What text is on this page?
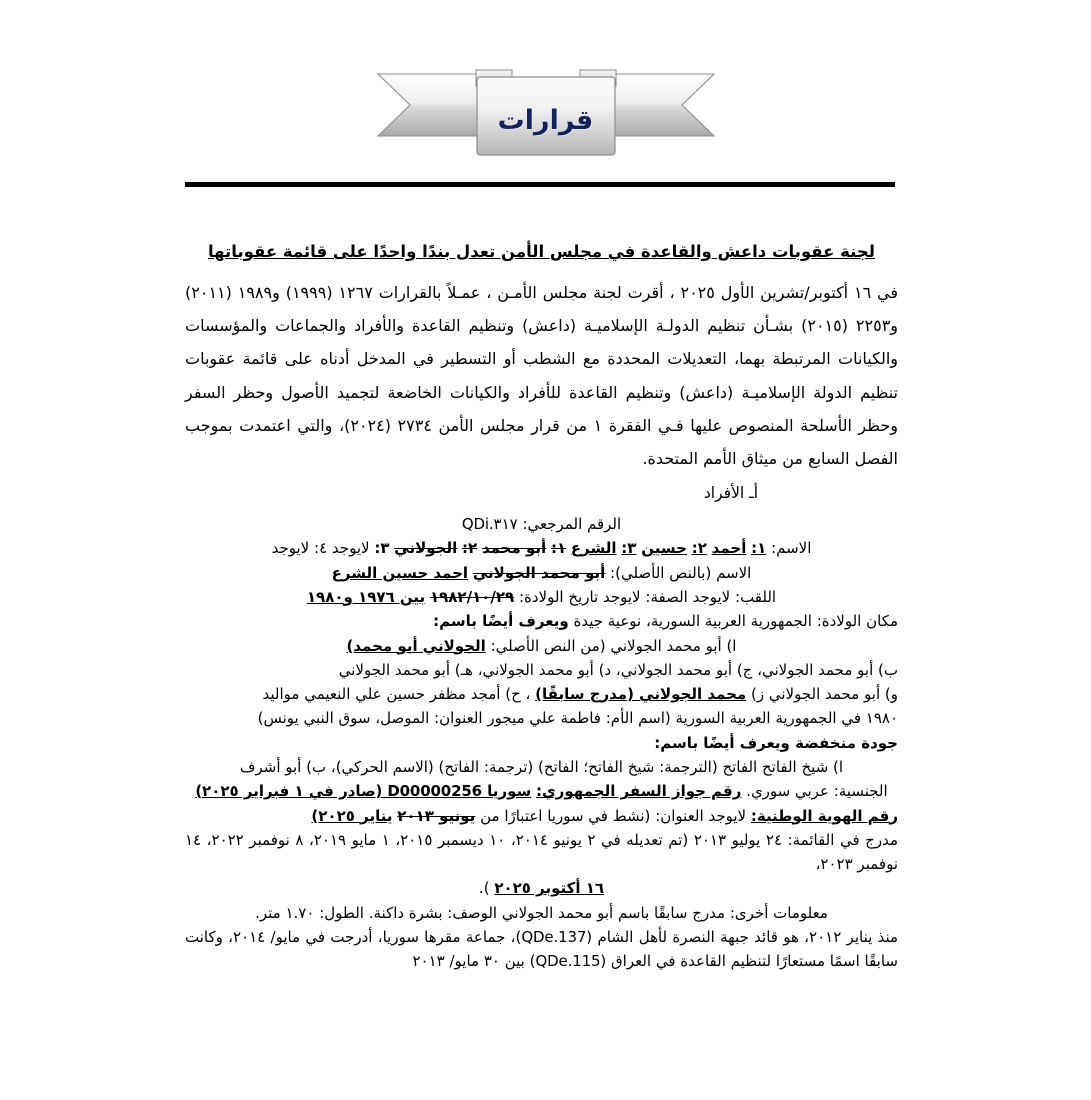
قرارات
لجنة عقوبات داعش والقاعدة في مجلس الأمن تعدل بندًا واحدًا على قائمة عقوباتها

في ١٦ أكتوبر/تشرين الأول ٢٠٢٥ ، أقرت لجنة مجلس الأمـن ، عمـلاً بالقرارات ١٢٦٧ (١٩٩٩) و١٩٨٩ (٢٠١١) و٢٢٥٣ (٢٠١٥) بشـأن تنظيم الدولـة الإسلاميـة (داعش) وتنظيم القاعدة والأفراد والجماعات والمؤسسات والكيانات المرتبطة بهما، التعديلات المحددة مع الشطب أو التسطير في المدخل أدناه على قائمة عقوبات تنظيم الدولة الإسلاميـة (داعش) وتنظيم القاعدة للأفراد والكيانات الخاضعة لتجميد الأصول وحظر السفر وحظر الأسلحة المنصوص عليها فـي الفقرة ١ من قرار مجلس الأمن ٢٧٣٤ (٢٠٢٤)، والتي اعتمدت بموجب الفصل السابع من ميثاق الأمم المتحدة.

أـ الأفراد

الرقم المرجعي: QDi.٣١٧

الاسم: ١: أحمد ٢: حسين ٣: الشرع ١: أبو محمد ٢: الجولاني ٣: لايوجد ٤: لايوجد

الاسم (بالنص الأصلي): أبو محمد الجولاني احمد حسين الشرع

اللقب: لايوجد الصفة: لايوجد تاريخ الولادة: ١٩٨٢/١٠/٢٩ بين ١٩٧٦ و١٩٨٠

مكان الولادة: الجمهورية العربية السورية، نوعية جيدة ويعرف أيضًا باسم:

ا) أبو محمد الجولاني (من النص الأصلي: الجولاني أبو محمد)

ب) أبو محمد الجولاني، ج) أبو محمد الجولاني، د) أبو محمد الجولاني، هـ) أبو محمد الجولاني

و) أبو محمد الجولاني ز) محمد الجولاني (مدرج سابقًا) ، ح) أمجد مظفر حسين علي النعيمي مواليد

١٩٨٠ في الجمهورية العربية السورية (اسم الأم: فاطمة علي ميجور العنوان: الموصل، سوق النبي يونس)

جودة منخفضة ويعرف أيضًا باسم:

ا) شيخ الفاتح الفاتح (الترجمة: شيخ الفاتح؛ الفاتح) (ترجمة: الفاتح) (الاسم الحركي)، ب) أبو أشرف

الجنسية: عربي سوري. رقم جواز السفر الجمهوري: سوريا D00000256 (صادر في ١ فبراير ٢٠٢٥)

رقم الهوية الوطنية: لايوجد العنوان: (نشط في سوريا اعتبارًا من يونيو ٢٠١٣ يناير ٢٠٢٥)

مدرج في القائمة: ٢٤ يوليو ٢٠١٣ (تم تعديله في ٢ يونيو ٢٠١٤، ١٠ ديسمبر ٢٠١٥، ١ مايو ٢٠١٩، ٨ نوفمبر ٢٠٢٢، ١٤ نوفمبر ٢٠٢٣،

١٦ أكتوبر ٢٠٢٥ ).

معلومات أخرى: مدرج سابقًا باسم أبو محمد الجولاني الوصف: بشرة داكنة. الطول: ١.٧٠ متر.

منذ يناير ٢٠١٢، هو قائد جبهة النصرة لأهل الشام (QDe.137)، جماعة مقرها سوريا، أدرجت في مايو/ ٢٠١٤، وكانت سابقًا اسمًا مستعارًا لتنظيم القاعدة في العراق (QDe.115) بين ٣٠ مايو/ ٢٠١٣
